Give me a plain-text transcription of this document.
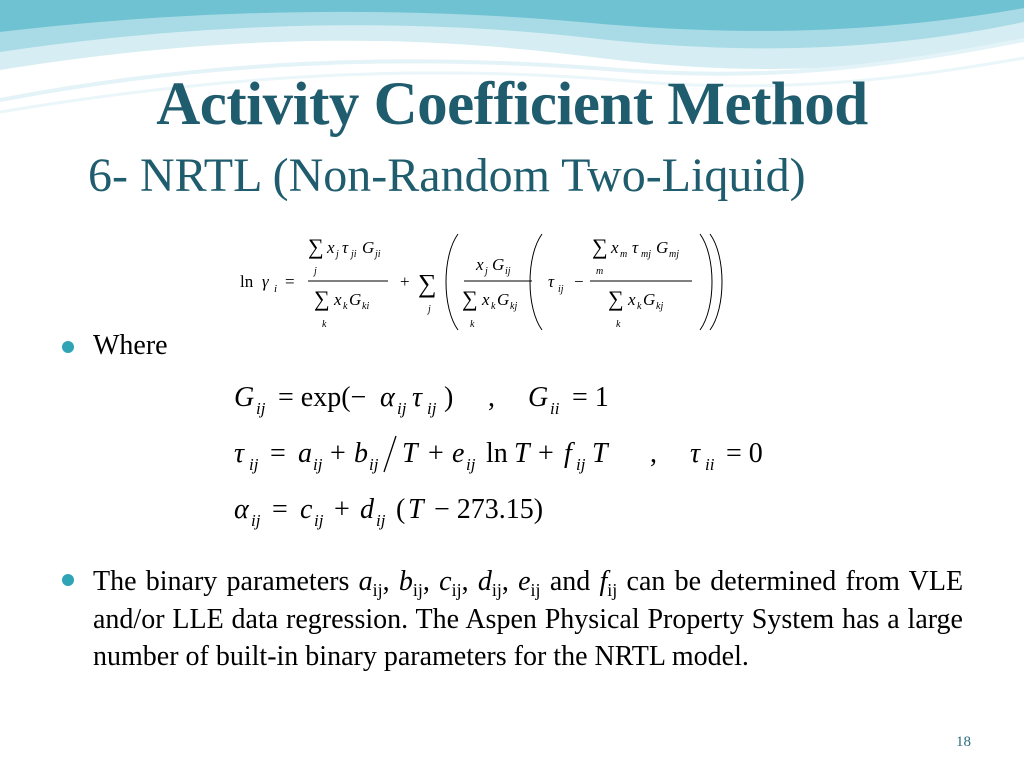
Activity Coefficient Method
6- NRTL (Non-Random Two-Liquid)
ln γ i =
∑ x j τ ji G ji
j
∑ x k G ki
k
+ ∑
j
x j G ij
∑ x k G kj
k
τ ij −
∑ x m τ mj G mj
m
∑ x k G kj
k
Where
G ij = exp(− α ij τ ij ) , G ii = 1
τ ij = a ij + b ij T + e ij ln T + f ij T , τ ii = 0
α ij = c ij + d ij ( T − 273.15)

The binary parameters $a_{ij}$, $b_{ij}$, $c_{ij}$, $d_{ij}$, $e_{ij}$ and $f_{ij}$ can be determined from VLE and/or LLE data regression. The Aspen Physical Property System has a large number of built-in binary parameters for the NRTL model.

18
